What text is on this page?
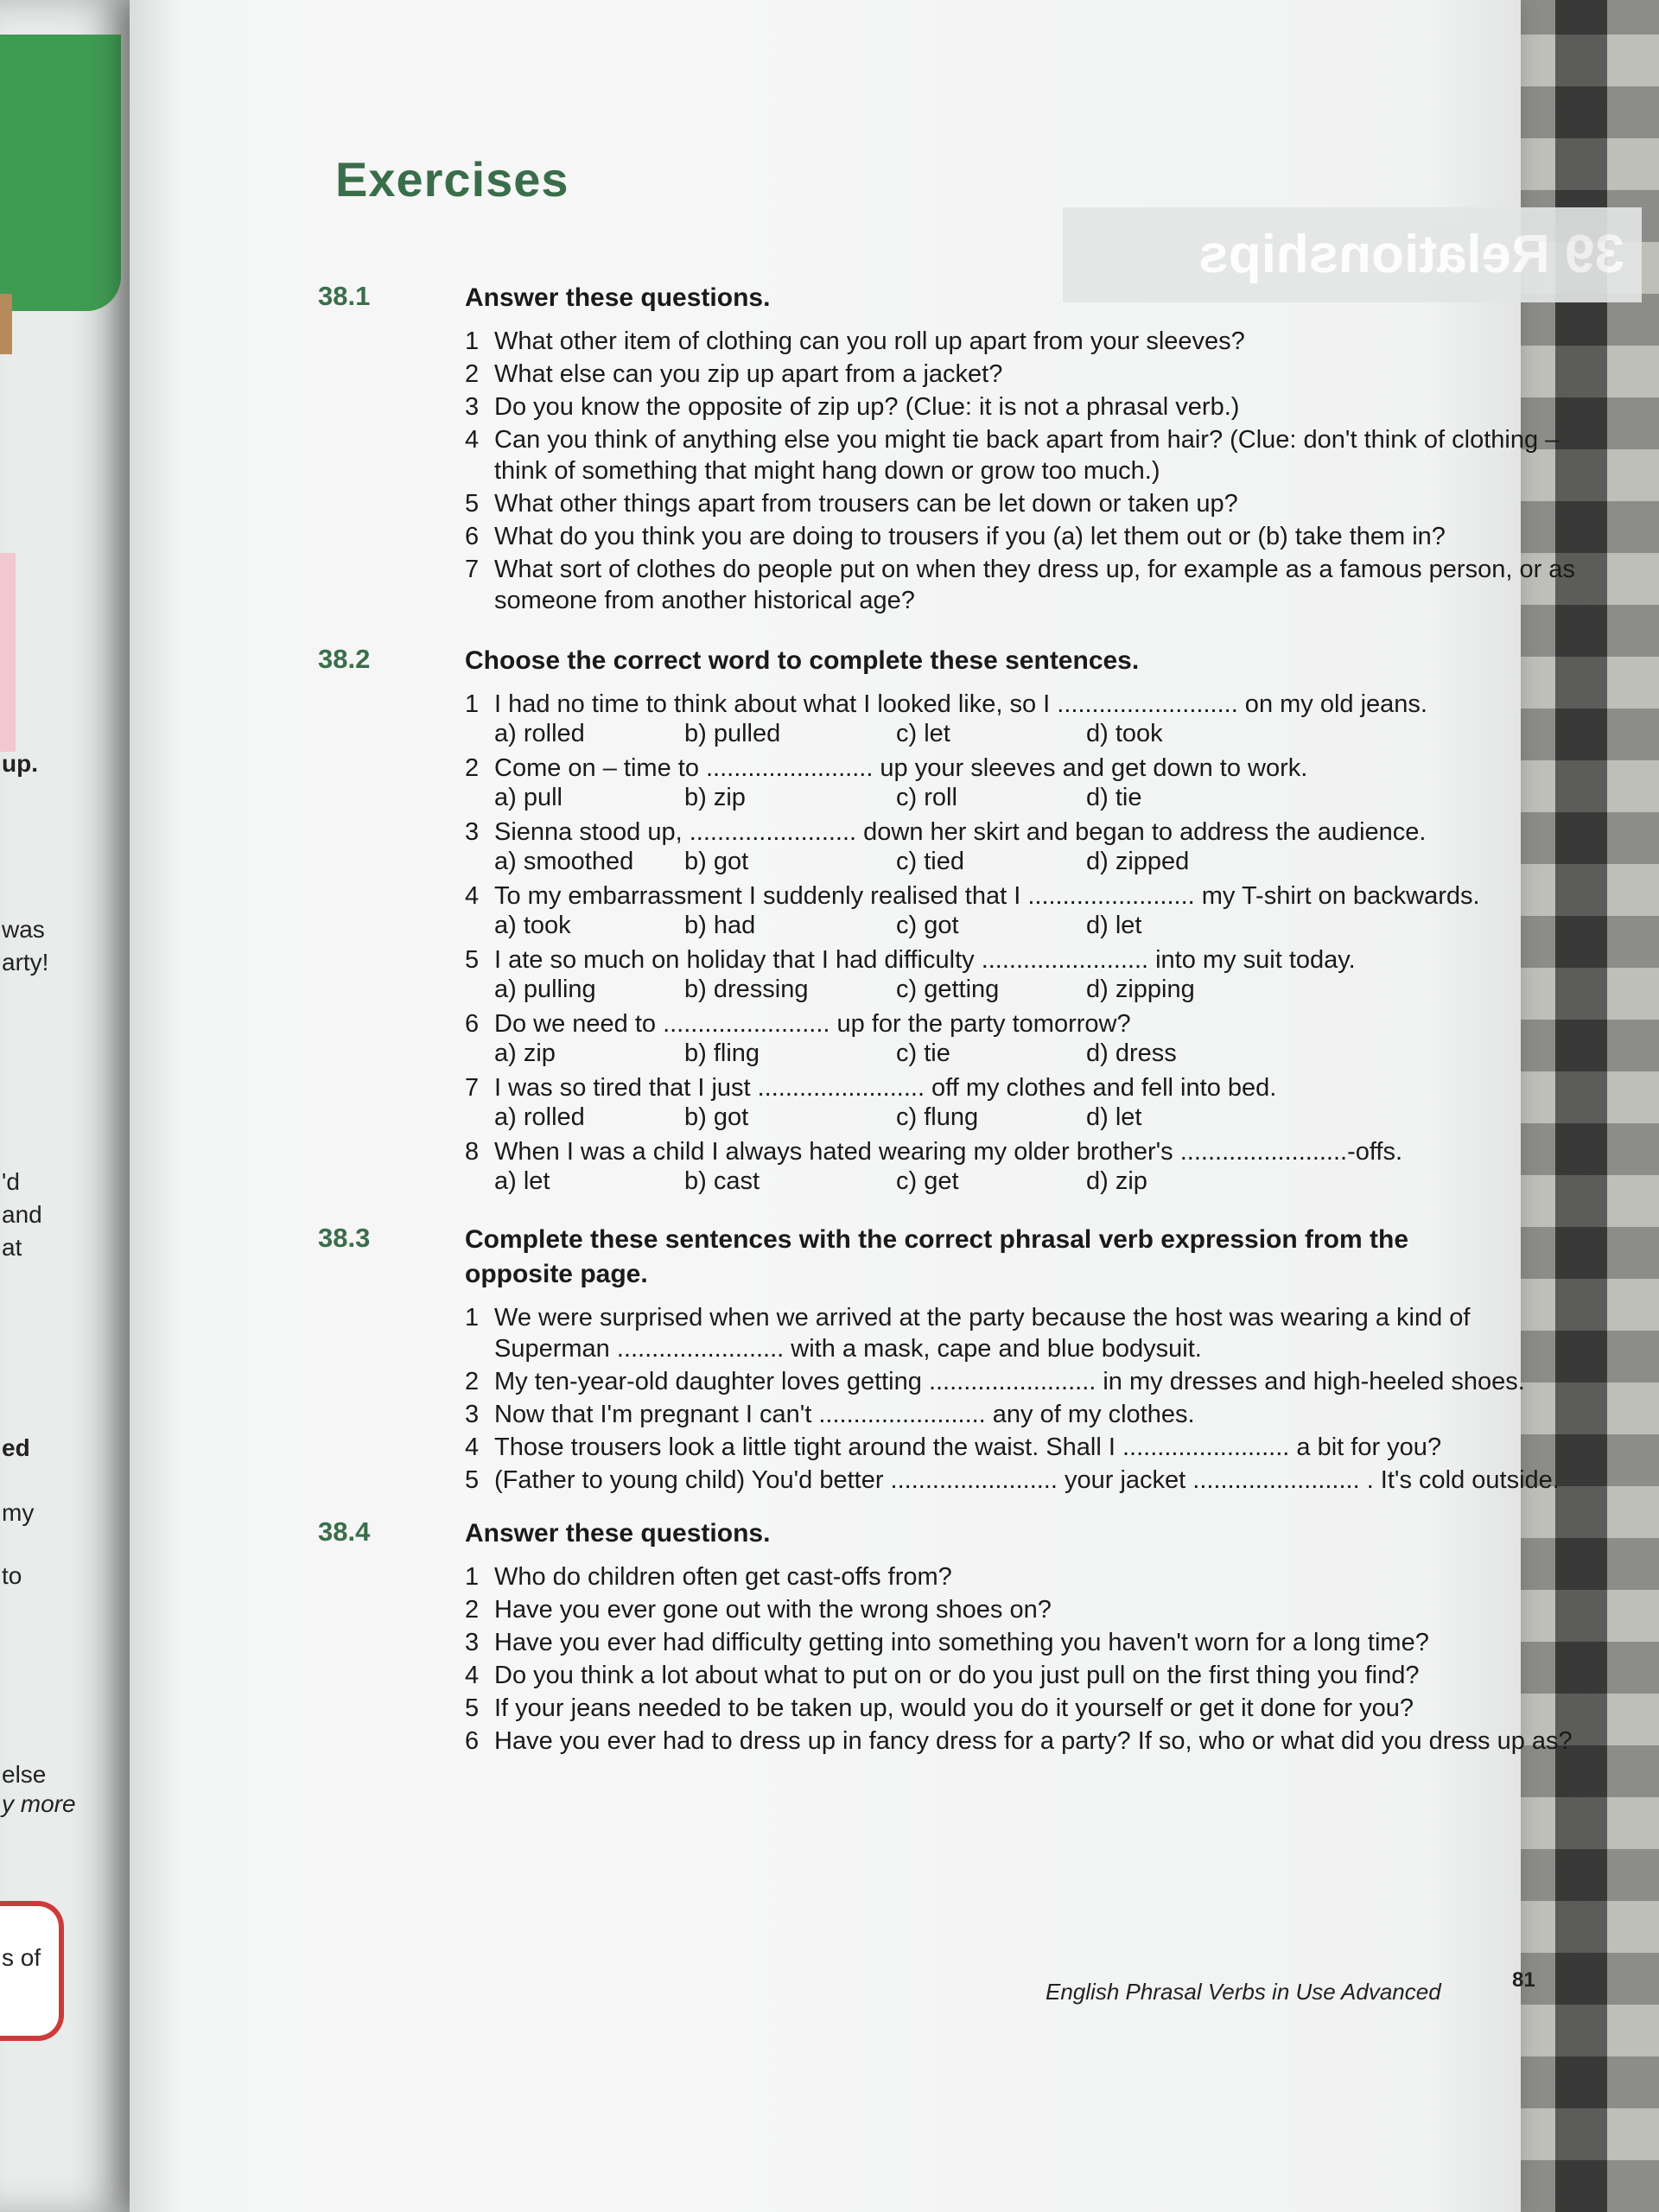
up.
was
arty!
'd
and
at
ed
my
to
else
y more
s of
39 Relationships
Exercises
38.1	Answer these questions.
1 What other item of clothing can you roll up apart from your sleeves?
2 What else can you zip up apart from a jacket?
3 Do you know the opposite of zip up? (Clue: it is not a phrasal verb.)
4 Can you think of anything else you might tie back apart from hair? (Clue: don't think of clothing –
think of something that might hang down or grow too much.)
5 What other things apart from trousers can be let down or taken up?
6 What do you think you are doing to trousers if you (a) let them out or (b) take them in?
7 What sort of clothes do people put on when they dress up, for example as a famous person, or as
someone from another historical age?
38.2	Choose the correct word to complete these sentences.
1 I had no time to think about what I looked like, so I .......................... on my old jeans.
a) rolled	b) pulled	c) let	d) took
2 Come on – time to ........................ up your sleeves and get down to work.
a) pull	b) zip	c) roll	d) tie
3 Sienna stood up, ........................ down her skirt and began to address the audience.
a) smoothed b) got	c) tied	d) zipped
4 To my embarrassment I suddenly realised that I ........................ my T-shirt on backwards.
a) took	b) had	c) got	d) let
5 I ate so much on holiday that I had difficulty ........................ into my suit today.
a) pulling	b) dressing	c) getting	d) zipping
6 Do we need to ........................ up for the party tomorrow?
a) zip	b) fling	c) tie	d) dress
7 I was so tired that I just ........................ off my clothes and fell into bed.
a) rolled	b) got	c) flung	d) let
8 When I was a child I always hated wearing my older brother's ........................-offs.
a) let	b) cast	c) get	d) zip
38.3	Complete these sentences with the correct phrasal verb expression from the opposite page.
1 We were surprised when we arrived at the party because the host was wearing a kind of
Superman ........................ with a mask, cape and blue bodysuit.
2 My ten-year-old daughter loves getting ........................ in my dresses and high-heeled shoes.
3 Now that I'm pregnant I can't ........................ any of my clothes.
4 Those trousers look a little tight around the waist. Shall I ........................ a bit for you?
5 (Father to young child) You'd better ........................ your jacket ........................ . It's cold outside.
38.4	Answer these questions.
1 Who do children often get cast-offs from?
2 Have you ever gone out with the wrong shoes on?
3 Have you ever had difficulty getting into something you haven't worn for a long time?
4 Do you think a lot about what to put on or do you just pull on the first thing you find?
5 If your jeans needed to be taken up, would you do it yourself or get it done for you?
6 Have you ever had to dress up in fancy dress for a party? If so, who or what did you dress up as?
81
English Phrasal Verbs in Use Advanced
